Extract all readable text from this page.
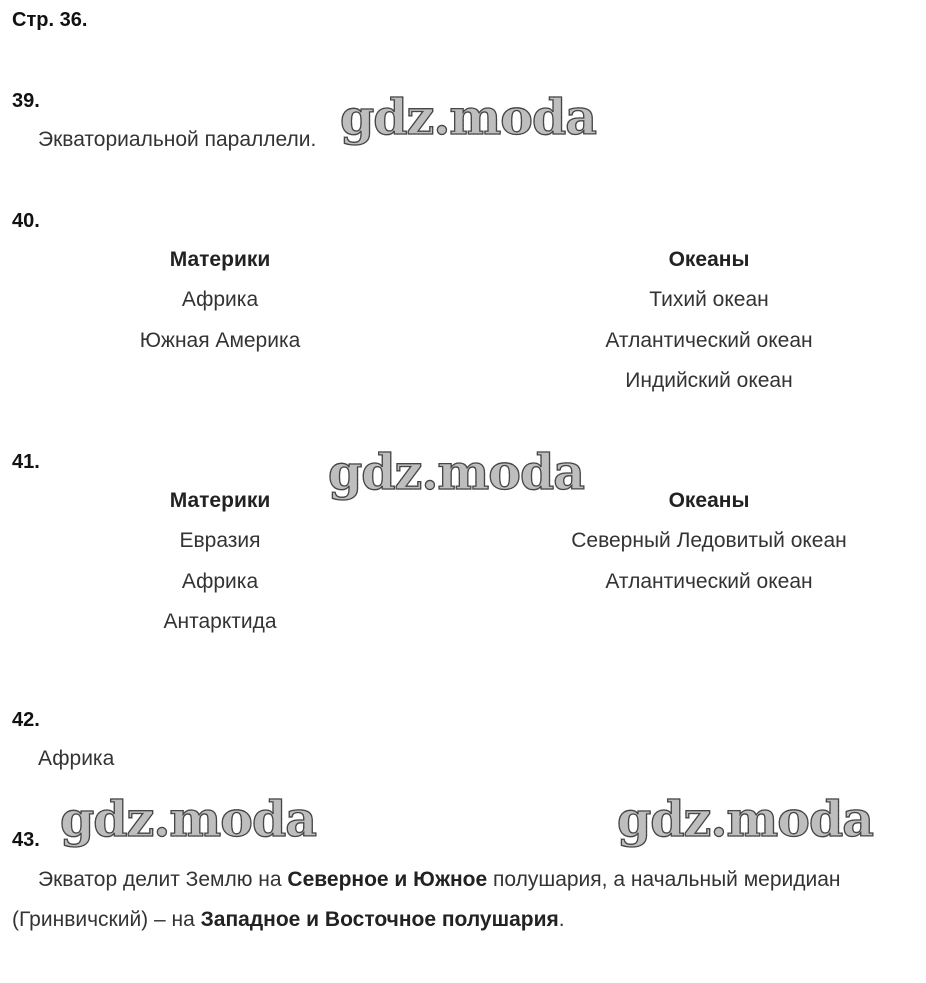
Стр. 36.
39.
Экваториальной параллели.
40.
Материки
Африка
Южная Америка
Океаны
Тихий океан
Атлантический океан
Индийский океан
41.
Материки
Евразия
Африка
Антарктида
Океаны
Северный Ледовитый океан
Атлантический океан
42.
Африка
43.
Экватор делит Землю на Северное и Южное полушария, а начальный меридиан (Гринвичский) – на Западное и Восточное полушария.
gdz.moda
gdz.moda
gdz.moda	gdz.moda
